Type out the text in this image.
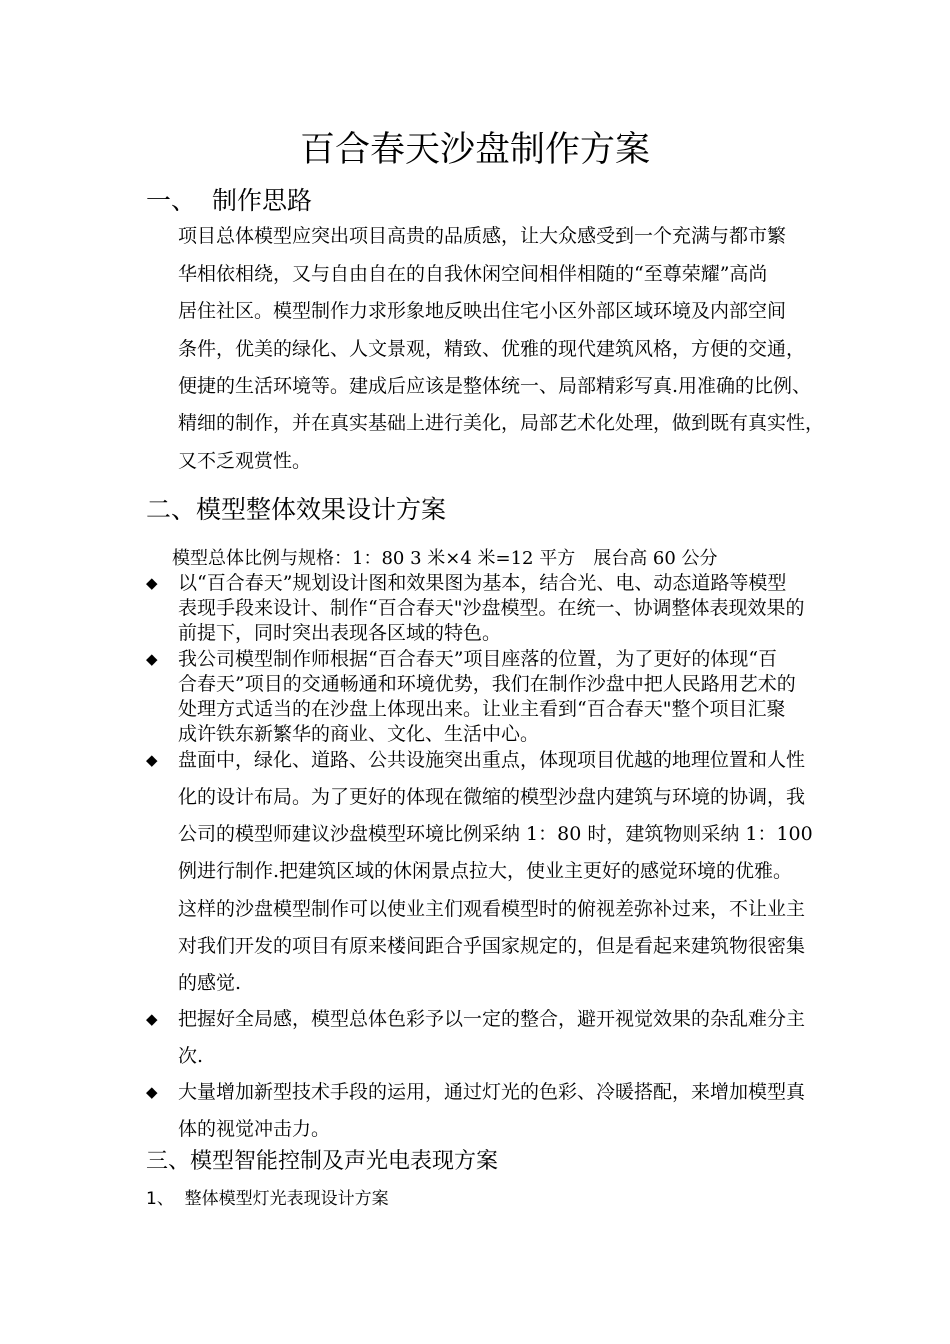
百合春天沙盘制作方案
一、 制作思路
项目总体模型应突出项目高贵的品质感，让大众感受到一个充满与都市繁
华相依相绕，又与自由自在的自我休闲空间相伴相随的“至尊荣耀”高尚
居住社区。模型制作力求形象地反映出住宅小区外部区域环境及内部空间
条件，优美的绿化、人文景观，精致、优雅的现代建筑风格，方便的交通，
便捷的生活环境等。建成后应该是整体统一、局部精彩写真.用准确的比例、
精细的制作，并在真实基础上进行美化，局部艺术化处理，做到既有真实性，
又不乏观赏性。
二、模型整体效果设计方案
模型总体比例与规格：1：80 3 米×4 米=12 平方　展台高 60 公分
◆ 以“百合春天”规划设计图和效果图为基本，结合光、电、动态道路等模型
表现手段来设计、制作“百合春天"沙盘模型。在统一、协调整体表现效果的
前提下，同时突出表现各区域的特色。
◆ 我公司模型制作师根据“百合春天”项目座落的位置，为了更好的体现“百
合春天”项目的交通畅通和环境优势，我们在制作沙盘中把人民路用艺术的
处理方式适当的在沙盘上体现出来。让业主看到“百合春天"整个项目汇聚
成许铁东新繁华的商业、文化、生活中心。
◆ 盘面中，绿化、道路、公共设施突出重点，体现项目优越的地理位置和人性
化的设计布局。为了更好的体现在微缩的模型沙盘内建筑与环境的协调，我
公司的模型师建议沙盘模型环境比例采纳 1：80 时，建筑物则采纳 1：100
例进行制作.把建筑区域的休闲景点拉大，使业主更好的感觉环境的优雅。
这样的沙盘模型制作可以使业主们观看模型时的俯视差弥补过来，不让业主
对我们开发的项目有原来楼间距合乎国家规定的，但是看起来建筑物很密集
的感觉.
◆ 把握好全局感，模型总体色彩予以一定的整合，避开视觉效果的杂乱难分主
次.
◆ 大量增加新型技术手段的运用，通过灯光的色彩、冷暖搭配，来增加模型真
体的视觉冲击力。
三、模型智能控制及声光电表现方案
1、 整体模型灯光表现设计方案
